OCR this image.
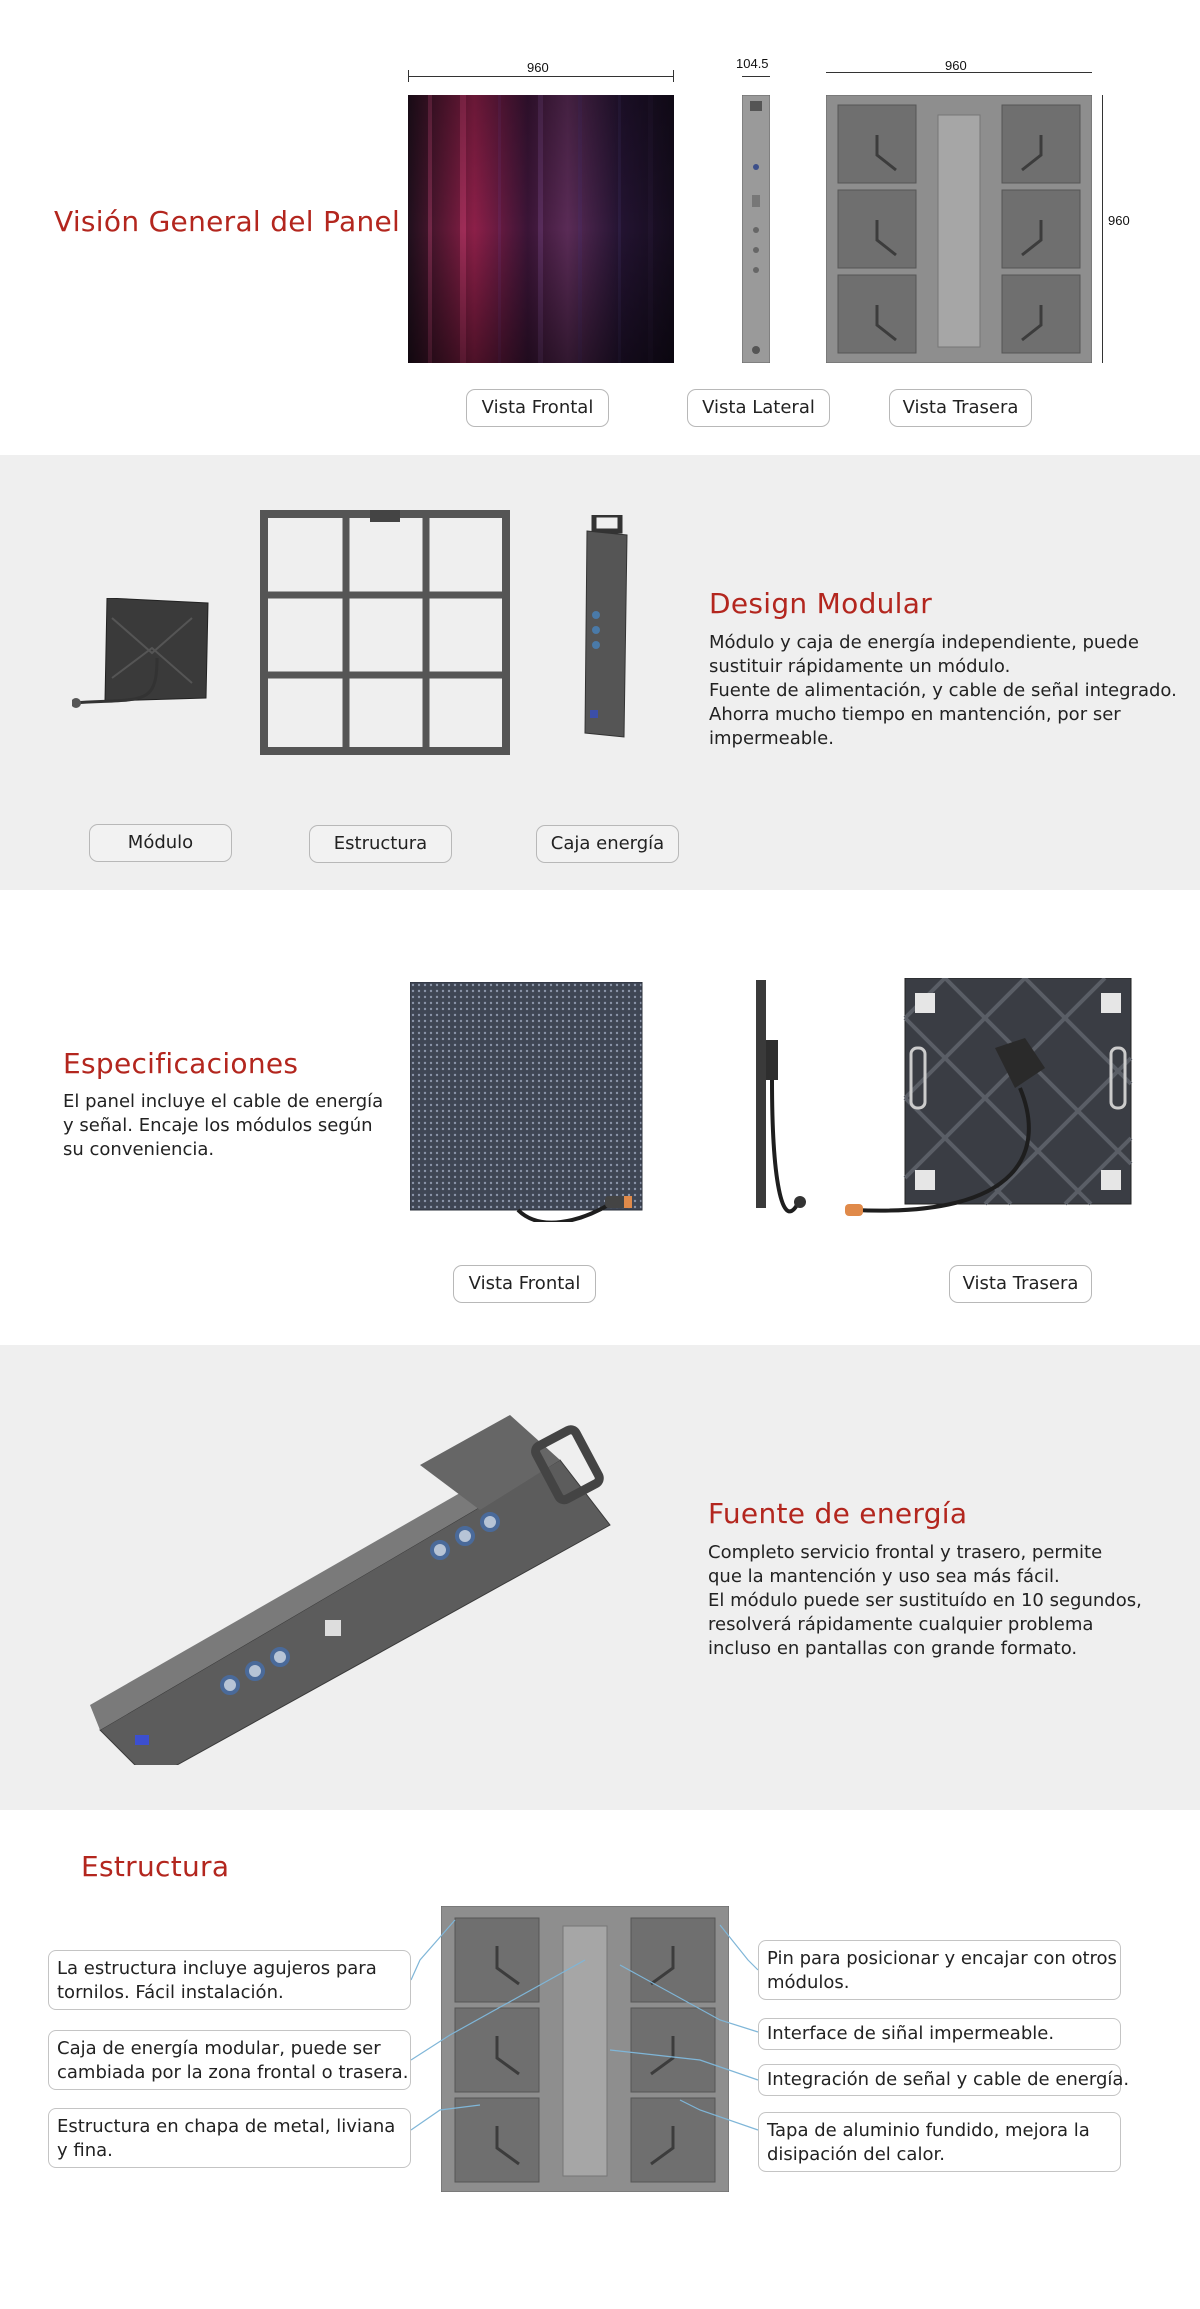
Visión General del Panel
960	104.5	960
960
Vista Frontal	Vista Lateral	Vista Trasera
Design Modular
Módulo y caja de energía independiente, puede
sustituir rápidamente un módulo.
Fuente de alimentación, y cable de señal integrado.
Ahorra mucho tiempo en mantención, por ser
impermeable.
Módulo	Estructura	Caja energía
Especificaciones
El panel incluye el cable de energía
y señal. Encaje los módulos según
su conveniencia.
Vista Frontal	Vista Trasera
Fuente de energía
Completo servicio frontal y trasero, permite
que la mantención y uso sea más fácil.
El módulo puede ser sustituído en 10 segundos,
resolverá rápidamente cualquier problema
incluso en pantallas con grande formato.
Estructura
La estructura incluye agujeros para
tornilos. Fácil instalación.
Caja de energía modular, puede ser
cambiada por la zona frontal o trasera.
Estructura en chapa de metal, liviana
y fina.
Pin para posicionar y encajar con otros
módulos.
Interface de siñal impermeable.
Integración de señal y cable de energía.
Tapa de aluminio fundido, mejora la
disipación del calor.
